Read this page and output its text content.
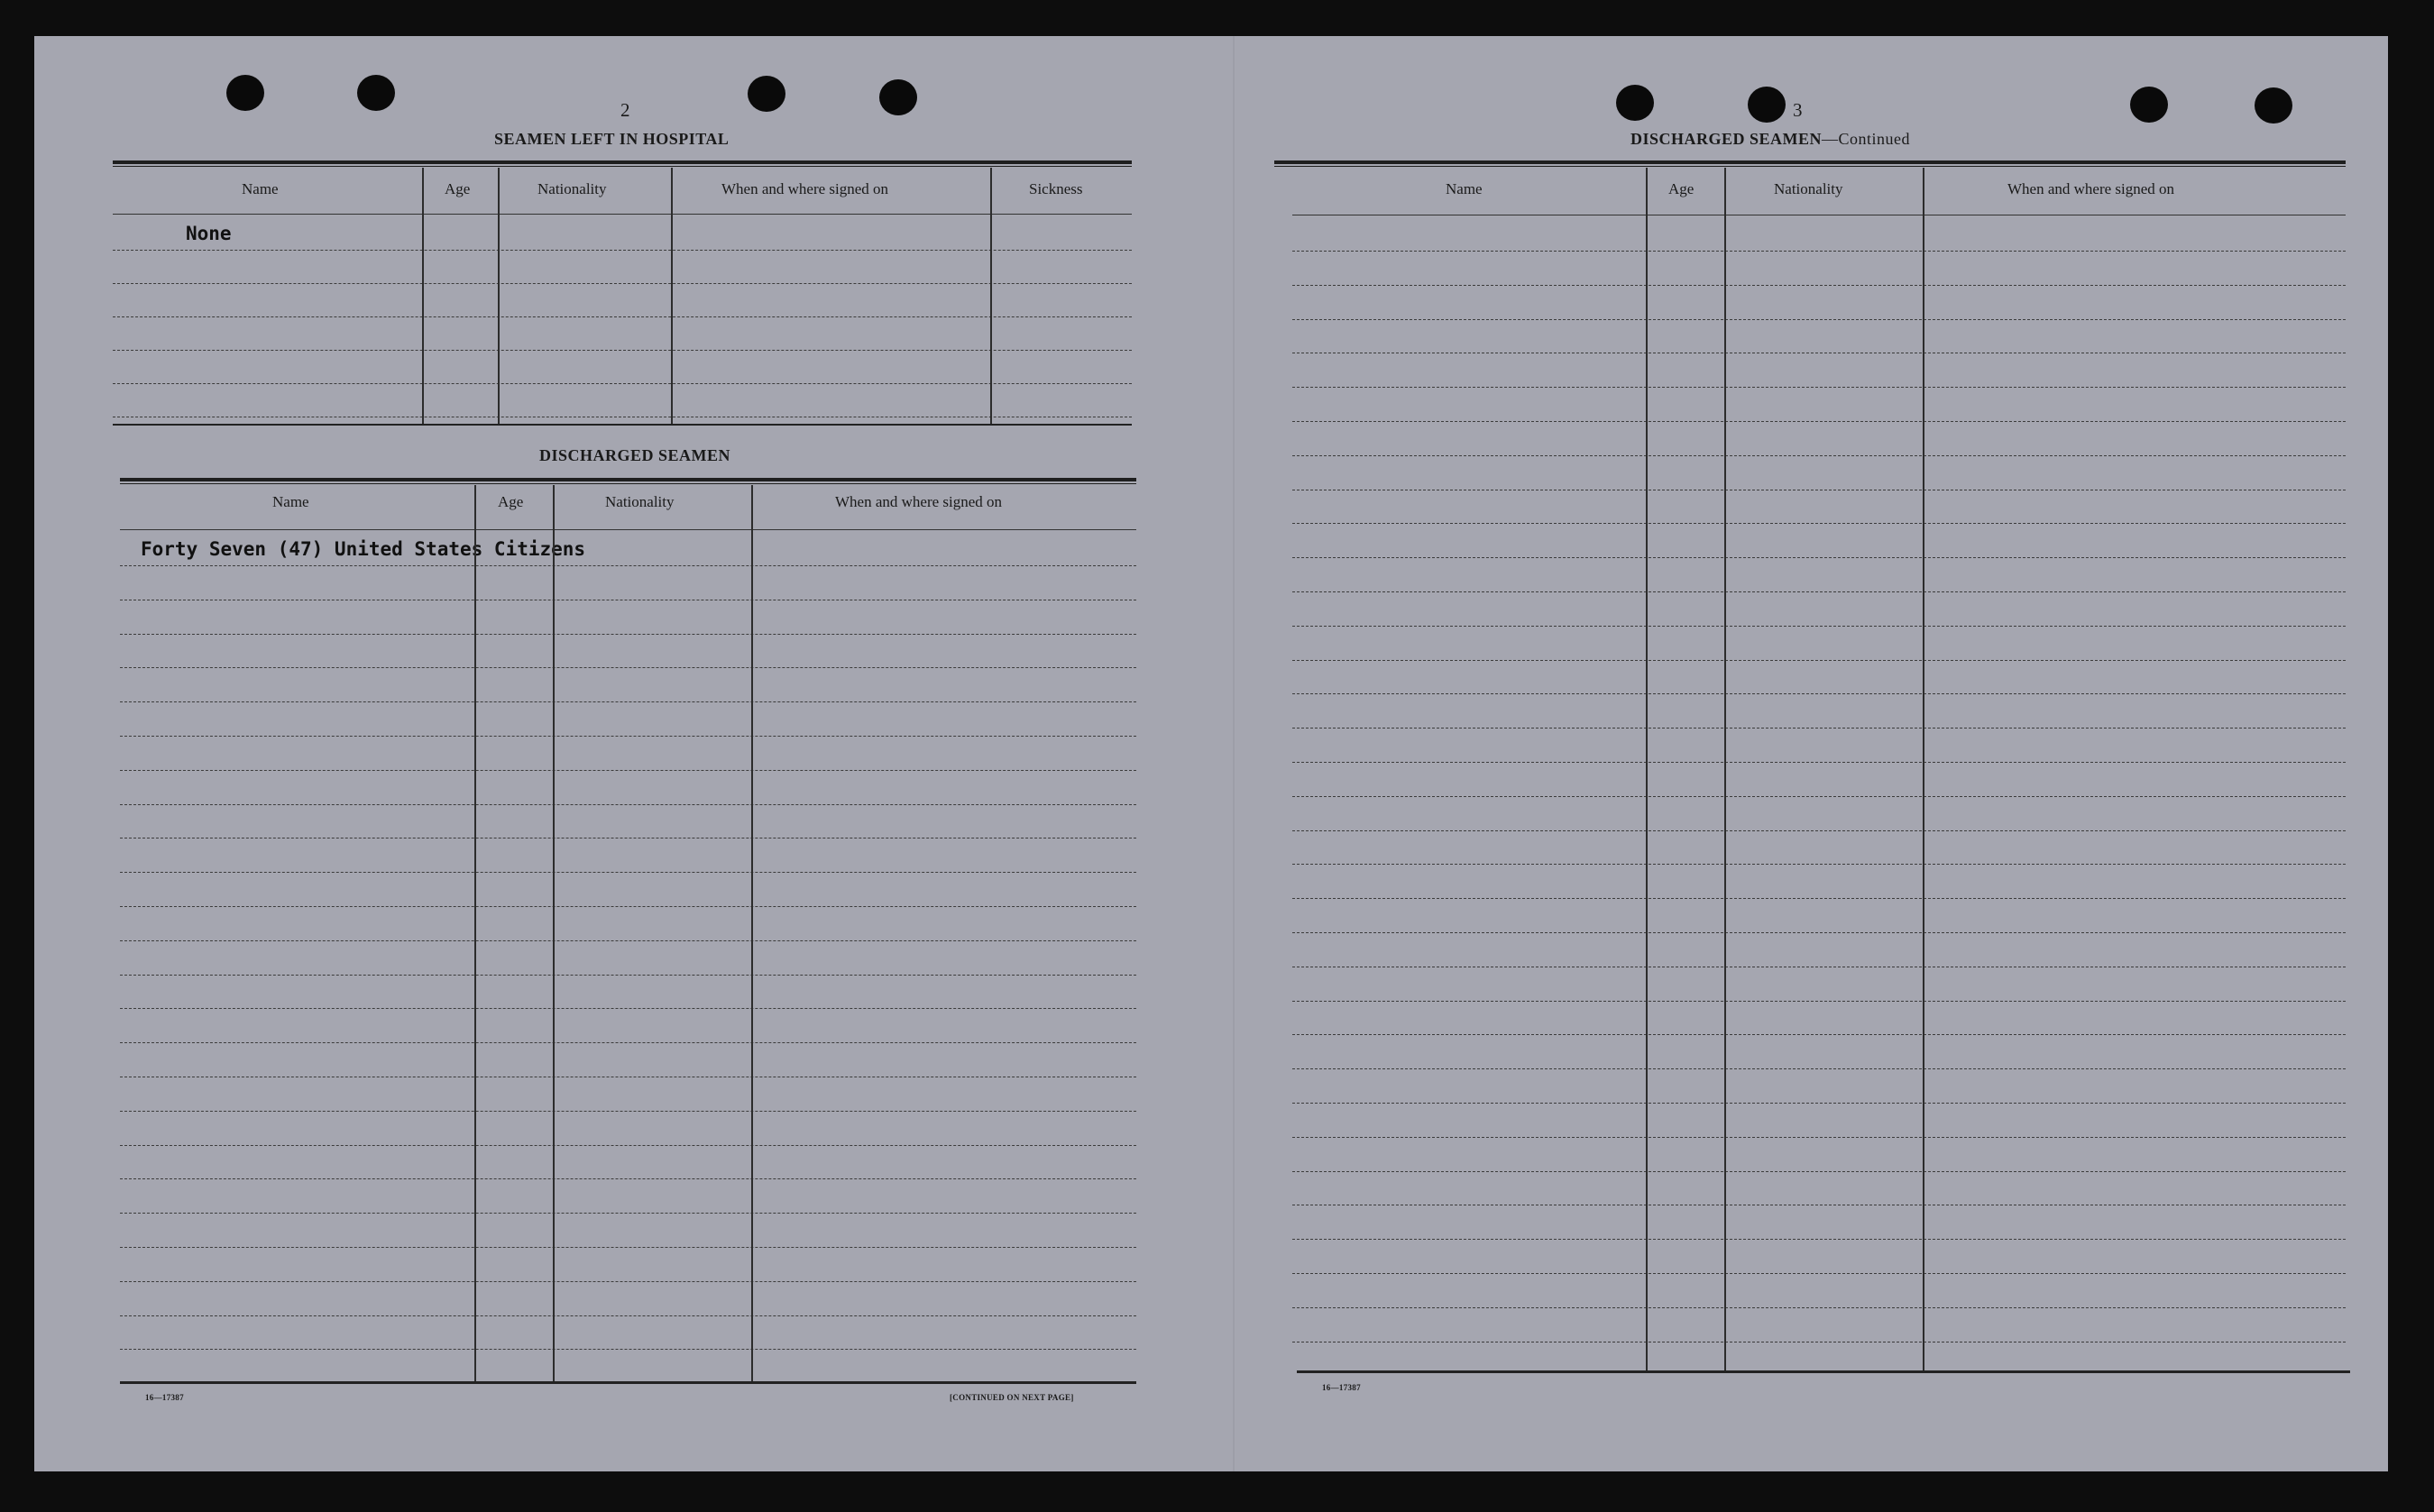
2
SEAMEN LEFT IN HOSPITAL
Name	Age	Nationality	When and where signed on	Sickness
None
DISCHARGED SEAMEN
Name	Age	Nationality	When and where signed on
Forty Seven (47) United States Citizens
16—17387	[CONTINUED ON NEXT PAGE]
3
DISCHARGED SEAMEN—Continued
Name	Age	Nationality	When and where signed on
16—17387
